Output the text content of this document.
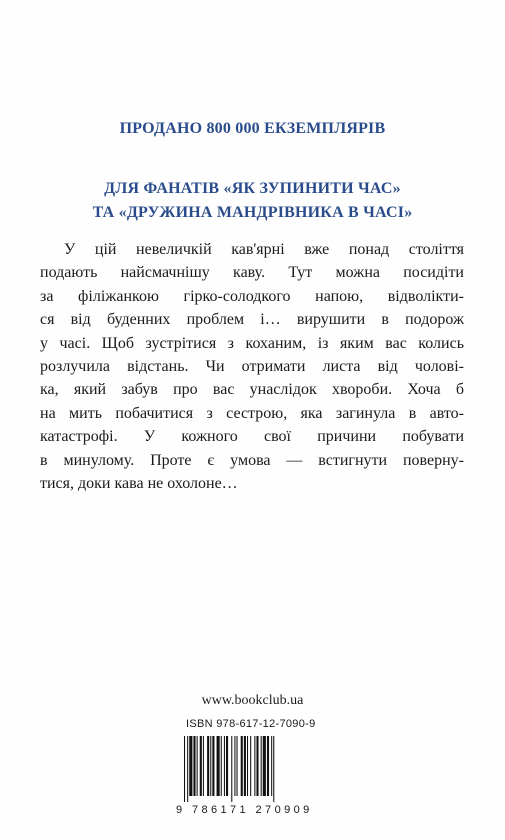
ПРОДАНО 800 000 ЕКЗЕМПЛЯРІВ
ДЛЯ ФАНАТІВ «ЯК ЗУПИНИТИ ЧАС»
ТА «ДРУЖИНА МАНДРІВНИКА В ЧАСІ»
У цій невеличкій кав'ярні вже понад століття
подають найсмачнішу каву. Тут можна посидіти
за філіжанкою гірко-солодкого напою, відволікти-
ся від буденних проблем і… вирушити в подорож
у часі. Щоб зустрітися з коханим, із яким вас колись
розлучила відстань. Чи отримати листа від чолові-
ка, який забув про вас унаслідок хвороби. Хоча б
на мить побачитися з сестрою, яка загинула в авто-
катастрофі. У кожного свої причини побувати
в минулому. Проте є умова — встигнути поверну-
тися, доки кава не охолоне…
www.bookclub.ua
ISBN 978-617-12-7090-9
9 786171 270909
